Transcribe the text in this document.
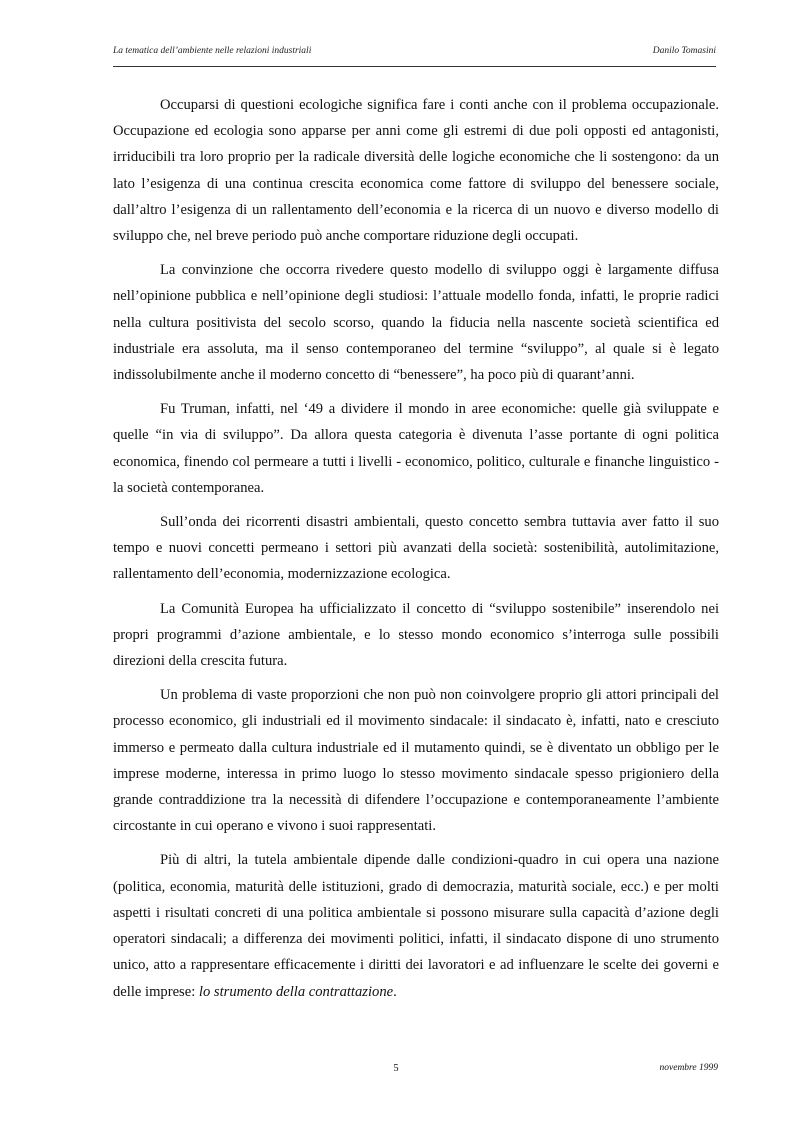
La tematica dell’ambiente nelle relazioni industriali	Danilo Tomasini

Occuparsi di questioni ecologiche significa fare i conti anche con il problema occupazionale. Occupazione ed ecologia sono apparse per anni come gli estremi di due poli opposti ed antagonisti, irriducibili tra loro proprio per la radicale diversità delle logiche economiche che li sostengono: da un lato l’esigenza di una continua crescita economica come fattore di sviluppo del benessere sociale, dall’altro l’esigenza di un rallentamento dell’economia e la ricerca di un nuovo e diverso modello di sviluppo che, nel breve periodo può anche comportare riduzione degli occupati.

La convinzione che occorra rivedere questo modello di sviluppo oggi è largamente diffusa nell’opinione pubblica e nell’opinione degli studiosi: l’attuale modello fonda, infatti, le proprie radici nella cultura positivista del secolo scorso, quando la fiducia nella nascente società scientifica ed industriale era assoluta, ma il senso contemporaneo del termine “sviluppo”, al quale si è legato indissolubilmente anche il moderno concetto di “benessere”, ha poco più di quarant’anni.

Fu Truman, infatti, nel ‘49 a dividere il mondo in aree economiche: quelle già sviluppate e quelle “in via di sviluppo”. Da allora questa categoria è divenuta l’asse portante di ogni politica economica, finendo col permeare a tutti i livelli - economico, politico, culturale e finanche linguistico - la società contemporanea.

Sull’onda dei ricorrenti disastri ambientali, questo concetto sembra tuttavia aver fatto il suo tempo e nuovi concetti permeano i settori più avanzati della società: sostenibilità, autolimitazione, rallentamento dell’economia, modernizzazione ecologica.

La Comunità Europea ha ufficializzato il concetto di “sviluppo sostenibile” inserendolo nei propri programmi d’azione ambientale, e lo stesso mondo economico s’interroga sulle possibili direzioni della crescita futura.

Un problema di vaste proporzioni che non può non coinvolgere proprio gli attori principali del processo economico, gli industriali ed il movimento sindacale: il sindacato è, infatti, nato e cresciuto immerso e permeato dalla cultura industriale ed il mutamento quindi, se è diventato un obbligo per le imprese moderne, interessa in primo luogo lo stesso movimento sindacale spesso prigioniero della grande contraddizione tra la necessità di difendere l’occupazione e contemporaneamente l’ambiente circostante in cui operano e vivono i suoi rappresentati.

Più di altri, la tutela ambientale dipende dalle condizioni-quadro in cui opera una nazione (politica, economia, maturità delle istituzioni, grado di democrazia, maturità sociale, ecc.) e per molti aspetti i risultati concreti di una politica ambientale si possono misurare sulla capacità d’azione degli operatori sindacali; a differenza dei movimenti politici, infatti, il sindacato dispone di uno strumento unico, atto a rappresentare efficacemente i diritti dei lavoratori e ad influenzare le scelte dei governi e delle imprese: lo strumento della contrattazione.

5	novembre 1999
